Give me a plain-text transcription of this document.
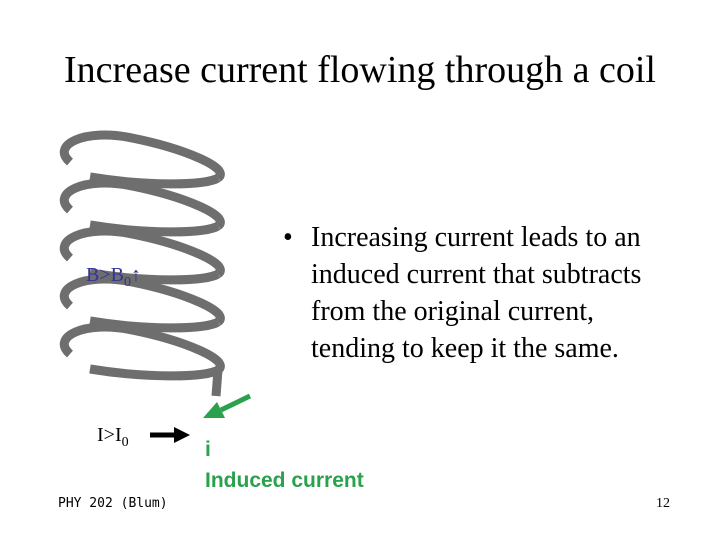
Increase current flowing through a coil
$B>B_0↑$
$I>I_0$
• Increasing current leads to an induced current that subtracts from the original current, tending to keep it the same.
i
Induced current
PHY 202 (Blum)	12
